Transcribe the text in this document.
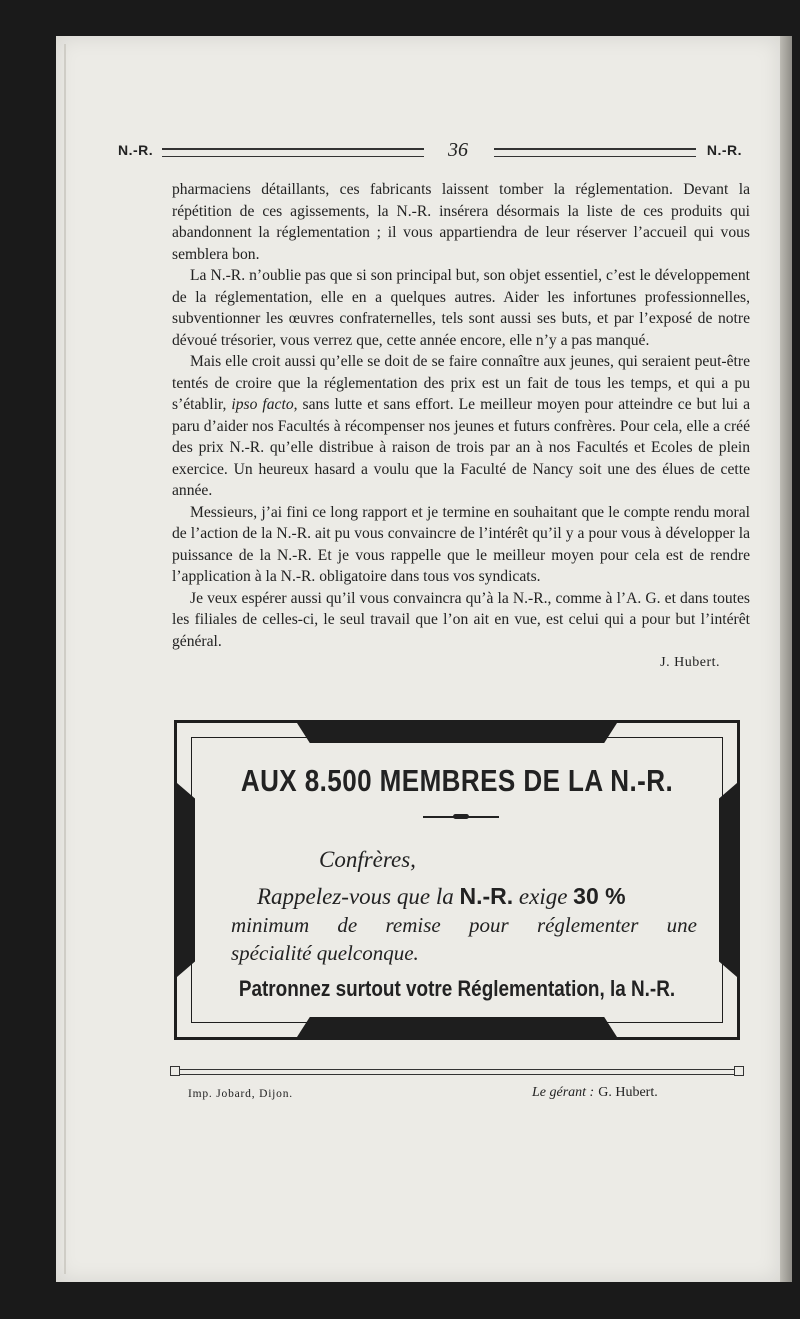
N.-R.	36	N.-R.

pharmaciens détaillants, ces fabricants laissent tomber la réglementation. Devant la répétition de ces agissements, la N.-R. insérera désormais la liste de ces produits qui abandonnent la réglementation ; il vous appartiendra de leur réserver l’accueil qui vous semblera bon.

La N.-R. n’oublie pas que si son principal but, son objet essentiel, c’est le développement de la réglementation, elle en a quelques autres. Aider les infortunes professionnelles, subventionner les œuvres confraternelles, tels sont aussi ses buts, et par l’exposé de notre dévoué trésorier, vous verrez que, cette année encore, elle n’y a pas manqué.

Mais elle croit aussi qu’elle se doit de se faire connaître aux jeunes, qui seraient peut-être tentés de croire que la réglementation des prix est un fait de tous les temps, et qui a pu s’établir, ipso facto, sans lutte et sans effort. Le meilleur moyen pour atteindre ce but lui a paru d’aider nos Facultés à récompenser nos jeunes et futurs confrères. Pour cela, elle a créé des prix N.-R. qu’elle distribue à raison de trois par an à nos Facultés et Ecoles de plein exercice. Un heureux hasard a voulu que la Faculté de Nancy soit une des élues de cette année.

Messieurs, j’ai fini ce long rapport et je termine en souhaitant que le compte rendu moral de l’action de la N.-R. ait pu vous convaincre de l’intérêt qu’il y a pour vous à développer la puissance de la N.-R. Et je vous rappelle que le meilleur moyen pour cela est de rendre l’application à la N.-R. obligatoire dans tous vos syndicats.

Je veux espérer aussi qu’il vous convaincra qu’à la N.-R., comme à l’A. G. et dans toutes les filiales de celles-ci, le seul travail que l’on ait en vue, est celui qui a pour but l’intérêt général.

J. Hubert.
AUX 8.500 MEMBRES DE LA N.-R.
Confrères,
Rappelez-vous que la N.-R. exige 30 %
minimum de remise pour réglementer une
spécialité quelconque.
Patronnez surtout votre Réglementation, la N.-R.
Imp. Jobard, Dijon.	Le gérant : G. Hubert.
